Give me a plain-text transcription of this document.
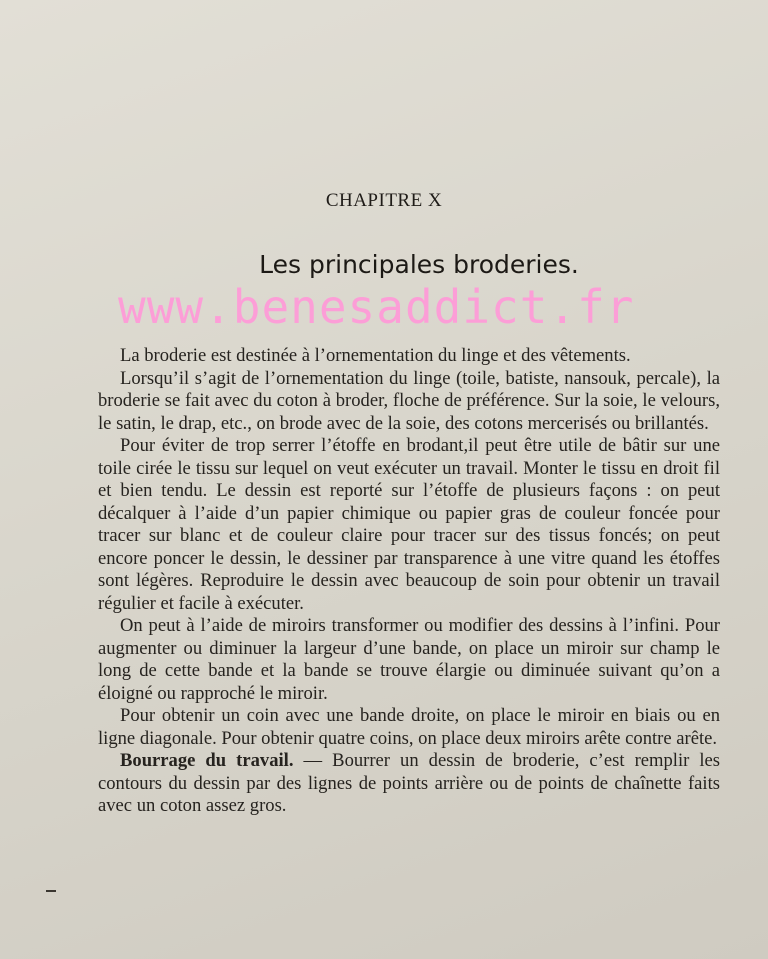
CHAPITRE X
Les principales broderies.
www.benesaddict.fr

La broderie est destinée à l’ornementation du linge et des vêtements.

Lorsqu’il s’agit de l’ornementation du linge (toile, batiste, nansouk, percale), la broderie se fait avec du coton à broder, floche de préférence. Sur la soie, le velours, le satin, le drap, etc., on brode avec de la soie, des cotons mercerisés ou brillantés.

Pour éviter de trop serrer l’étoffe en brodant,il peut être utile de bâtir sur une toile cirée le tissu sur lequel on veut exécuter un travail. Monter le tissu en droit fil et bien tendu. Le dessin est reporté sur l’étoffe de plusieurs façons : on peut décalquer à l’aide d’un papier chimique ou papier gras de couleur foncée pour tracer sur blanc et de couleur claire pour tracer sur des tissus foncés; on peut encore poncer le dessin, le dessiner par transparence à une vitre quand les étoffes sont légères. Reproduire le dessin avec beaucoup de soin pour obtenir un travail régulier et facile à exécuter.

On peut à l’aide de miroirs transformer ou modifier des dessins à l’infini. Pour augmenter ou diminuer la largeur d’une bande, on place un miroir sur champ le long de cette bande et la bande se trouve élargie ou diminuée suivant qu’on a éloigné ou rapproché le miroir.

Pour obtenir un coin avec une bande droite, on place le miroir en biais ou en ligne diagonale. Pour obtenir quatre coins, on place deux miroirs arête contre arête.

Bourrage du travail. — Bourrer un dessin de broderie, c’est remplir les contours du dessin par des lignes de points arrière ou de points de chaînette faits avec un coton assez gros.
